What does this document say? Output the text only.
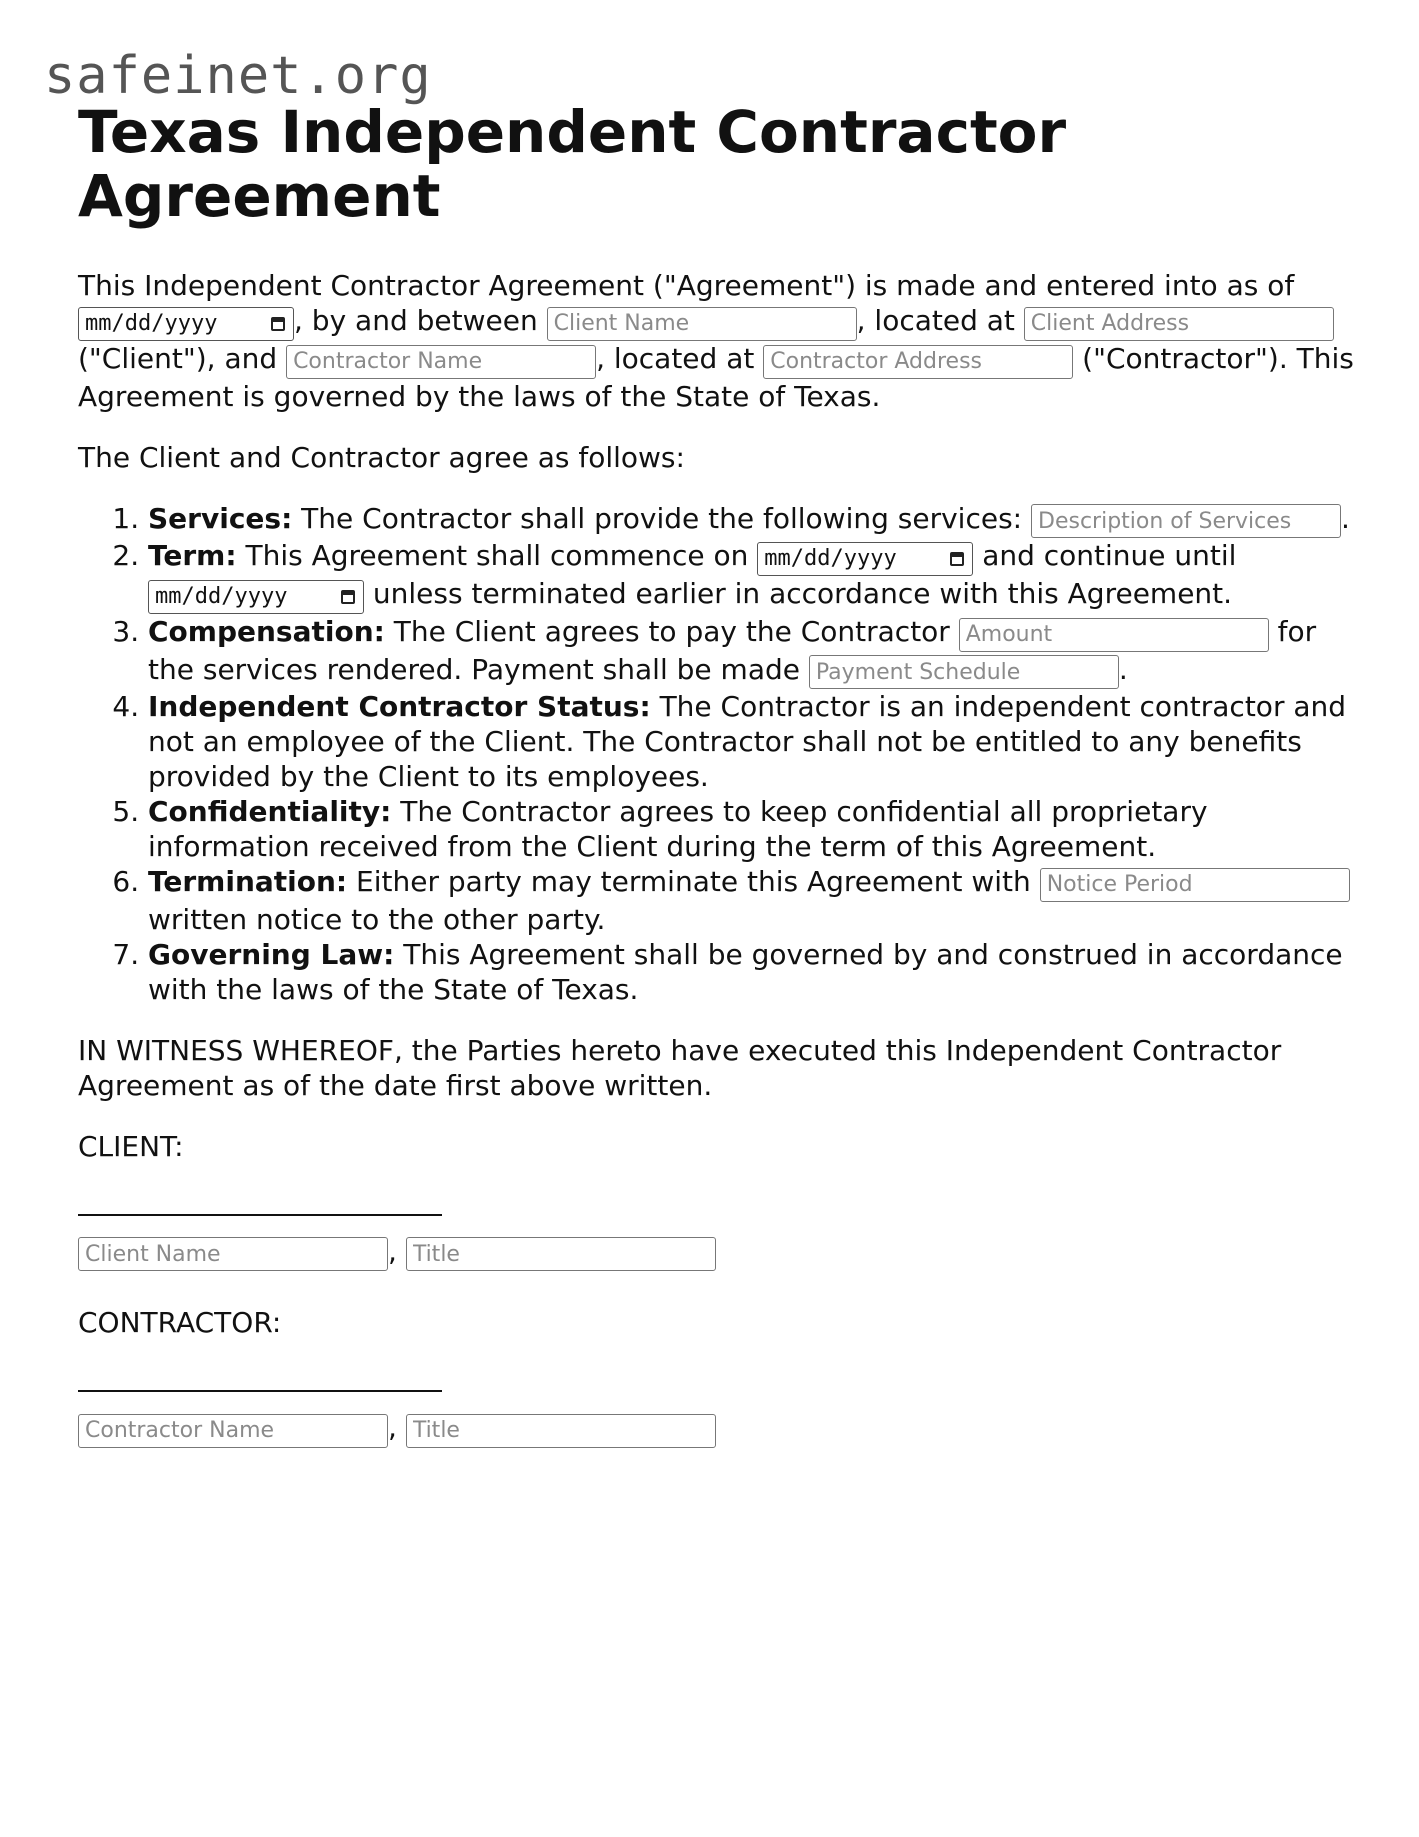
safeinet.org
Texas Independent Contractor Agreement

This Independent Contractor Agreement ("Agreement") is made and entered into as of mm/dd/yyyy	, by and between Client Name	, located at Client Address ("Client"), and Contractor Name	, located at Contractor Address	("Contractor"). This Agreement is governed by the laws of the State of Texas.

The Client and Contractor agree as follows:

1. Services: The Contractor shall provide the following services: Description of Services	.
2. Term: This Agreement shall commence on mm/dd/yyyy	and continue until mm/dd/yyyy	unless terminated earlier in accordance with this Agreement.
3. Compensation: The Client agrees to pay the Contractor Amount	for the services rendered. Payment shall be made Payment Schedule	.
4. Independent Contractor Status: The Contractor is an independent contractor and not an employee of the Client. The Contractor shall not be entitled to any benefits provided by the Client to its employees.
5. Confidentiality: The Contractor agrees to keep confidential all proprietary information received from the Client during the term of this Agreement.
6. Termination: Either party may terminate this Agreement with Notice Period written notice to the other party.
7. Governing Law: This Agreement shall be governed by and construed in accordance with the laws of the State of Texas.

IN WITNESS WHEREOF, the Parties hereto have executed this Independent Contractor Agreement as of the date first above written.

CLIENT:

Client Name, Title

CONTRACTOR:

Contractor Name, Title
